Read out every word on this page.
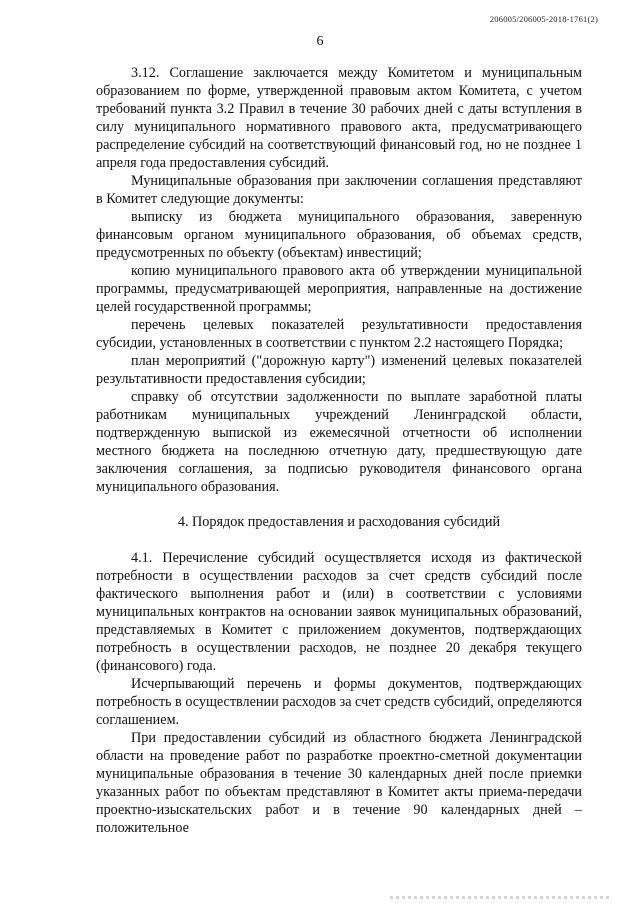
206005/206005-2018-1761(2)
6

3.12. Соглашение заключается между Комитетом и муниципальным образованием по форме, утвержденной правовым актом Комитета, с учетом требований пункта 3.2 Правил в течение 30 рабочих дней с даты вступления в силу муниципального нормативного правового акта, предусматривающего распределение субсидий на соответствующий финансовый год, но не позднее 1 апреля года предоставления субсидий.

Муниципальные образования при заключении соглашения представляют в Комитет следующие документы:

выписку из бюджета муниципального образования, заверенную финансовым органом муниципального образования, об объемах средств, предусмотренных по объекту (объектам) инвестиций;

копию муниципального правового акта об утверждении муниципальной программы, предусматривающей мероприятия, направленные на достижение целей государственной программы;

перечень целевых показателей результативности предоставления субсидии, установленных в соответствии с пунктом 2.2 настоящего Порядка;

план мероприятий ("дорожную карту") изменений целевых показателей результативности предоставления субсидии;

справку об отсутствии задолженности по выплате заработной платы работникам муниципальных учреждений Ленинградской области, подтвержденную выпиской из ежемесячной отчетности об исполнении местного бюджета на последнюю отчетную дату, предшествующую дате заключения соглашения, за подписью руководителя финансового органа муниципального образования.

4. Порядок предоставления и расходования субсидий

4.1. Перечисление субсидий осуществляется исходя из фактической потребности в осуществлении расходов за счет средств субсидий после фактического выполнения работ и (или) в соответствии с условиями муниципальных контрактов на основании заявок муниципальных образований, представляемых в Комитет с приложением документов, подтверждающих потребность в осуществлении расходов, не позднее 20 декабря текущего (финансового) года.

Исчерпывающий перечень и формы документов, подтверждающих потребность в осуществлении расходов за счет средств субсидий, определяются соглашением.

При предоставлении субсидий из областного бюджета Ленинградской области на проведение работ по разработке проектно-сметной документации муниципальные образования в течение 30 календарных дней после приемки указанных работ по объектам представляют в Комитет акты приема-передачи проектно-изыскательских работ и в течение 90 календарных дней – положительное
